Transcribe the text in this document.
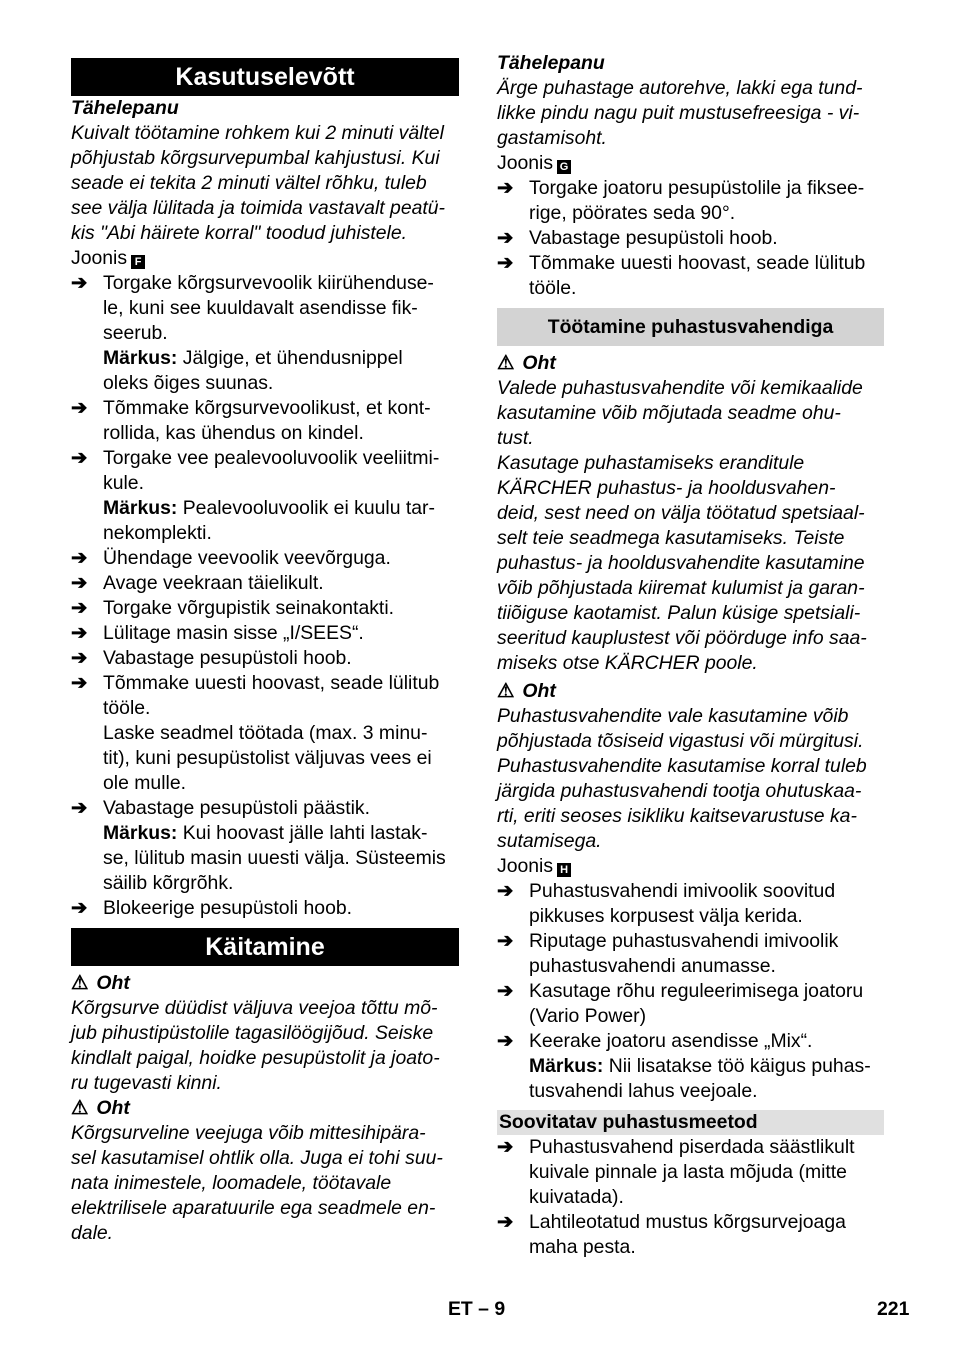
Kasutuselevõtt
Tähelepanu
Kuivalt töötamine rohkem kui 2 minuti vältel
põhjustab kõrgsurvepumbal kahjustusi. Kui
seade ei tekita 2 minuti vältel rõhku, tuleb
see välja lülitada ja toimida vastavalt peatü-
kis "Abi häirete korral" toodud juhistele.
Joonis F
➔ Torgake kõrgsurvevoolik kiirühenduse-
le, kuni see kuuldavalt asendisse fik-
seerub.
Märkus: Jälgige, et ühendusnippel
oleks õiges suunas.
➔ Tõmmake kõrgsurvevoolikust, et kont-
rollida, kas ühendus on kindel.
➔ Torgake vee pealevooluvoolik veeliitmi-
kule.
Märkus: Pealevooluvoolik ei kuulu tar-
nekomplekti.
➔ Ühendage veevoolik veevõrguga.
➔ Avage veekraan täielikult.
➔ Torgake võrgupistik seinakontakti.
➔ Lülitage masin sisse „I/SEES“.
➔ Vabastage pesupüstoli hoob.
➔ Tõmmake uuesti hoovast, seade lülitub
tööle.
Laske seadmel töötada (max. 3 minu-
tit), kuni pesupüstolist väljuvas vees ei
ole mulle.
➔ Vabastage pesupüstoli päästik.
Märkus: Kui hoovast jälle lahti lastak-
se, lülitub masin uuesti välja. Süsteemis
säilib kõrgrõhk.
➔ Blokeerige pesupüstoli hoob.
Käitamine
⚠ Oht
Kõrgsurve düüdist väljuva veejoa tõttu mõ-
jub pihustipüstolile tagasilöögijõud. Seiske
kindlalt paigal, hoidke pesupüstolit ja joato-
ru tugevasti kinni.
⚠ Oht
Kõrgsurveline veejuga võib mittesihipära-
sel kasutamisel ohtlik olla. Juga ei tohi suu-
nata inimestele, loomadele, töötavale
elektrilisele aparatuurile ega seadmele en-
dale.
Tähelepanu
Ärge puhastage autorehve, lakki ega tund-
likke pindu nagu puit mustusefreesiga - vi-
gastamisoht.
Joonis G
➔ Torgake joatoru pesupüstolile ja fiksee-
rige, pöörates seda 90°.
➔ Vabastage pesupüstoli hoob.
➔ Tõmmake uuesti hoovast, seade lülitub
tööle.
Töötamine puhastusvahendiga
⚠ Oht
Valede puhastusvahendite või kemikaalide
kasutamine võib mõjutada seadme ohu-
tust.
Kasutage puhastamiseks eranditule
KÄRCHER puhastus- ja hooldusvahen-
deid, sest need on välja töötatud spetsiaal-
selt teie seadmega kasutamiseks. Teiste
puhastus- ja hooldusvahendite kasutamine
võib põhjustada kiiremat kulumist ja garan-
tiiõiguse kaotamist. Palun küsige spetsiali-
seeritud kauplustest või pöörduge info saa-
miseks otse KÄRCHER poole.
⚠ Oht
Puhastusvahendite vale kasutamine võib
põhjustada tõsiseid vigastusi või mürgitusi.
Puhastusvahendite kasutamise korral tuleb
järgida puhastusvahendi tootja ohutuskaa-
rti, eriti seoses isikliku kaitsevarustuse ka-
sutamisega.
Joonis H
➔ Puhastusvahendi imivoolik soovitud
pikkuses korpusest välja kerida.
➔ Riputage puhastusvahendi imivoolik
puhastusvahendi anumasse.
➔ Kasutage rõhu reguleerimisega joatoru
(Vario Power)
➔ Keerake joatoru asendisse „Mix“.
Märkus: Nii lisatakse töö käigus puhas-
tusvahendi lahus veejoale.
Soovitatav puhastusmeetod
➔ Puhastusvahend piserdada säästlikult
kuivale pinnale ja lasta mõjuda (mitte
kuivatada).
➔ Lahtileotatud mustus kõrgsurvejoaga
maha pesta.
ET – 9	221
